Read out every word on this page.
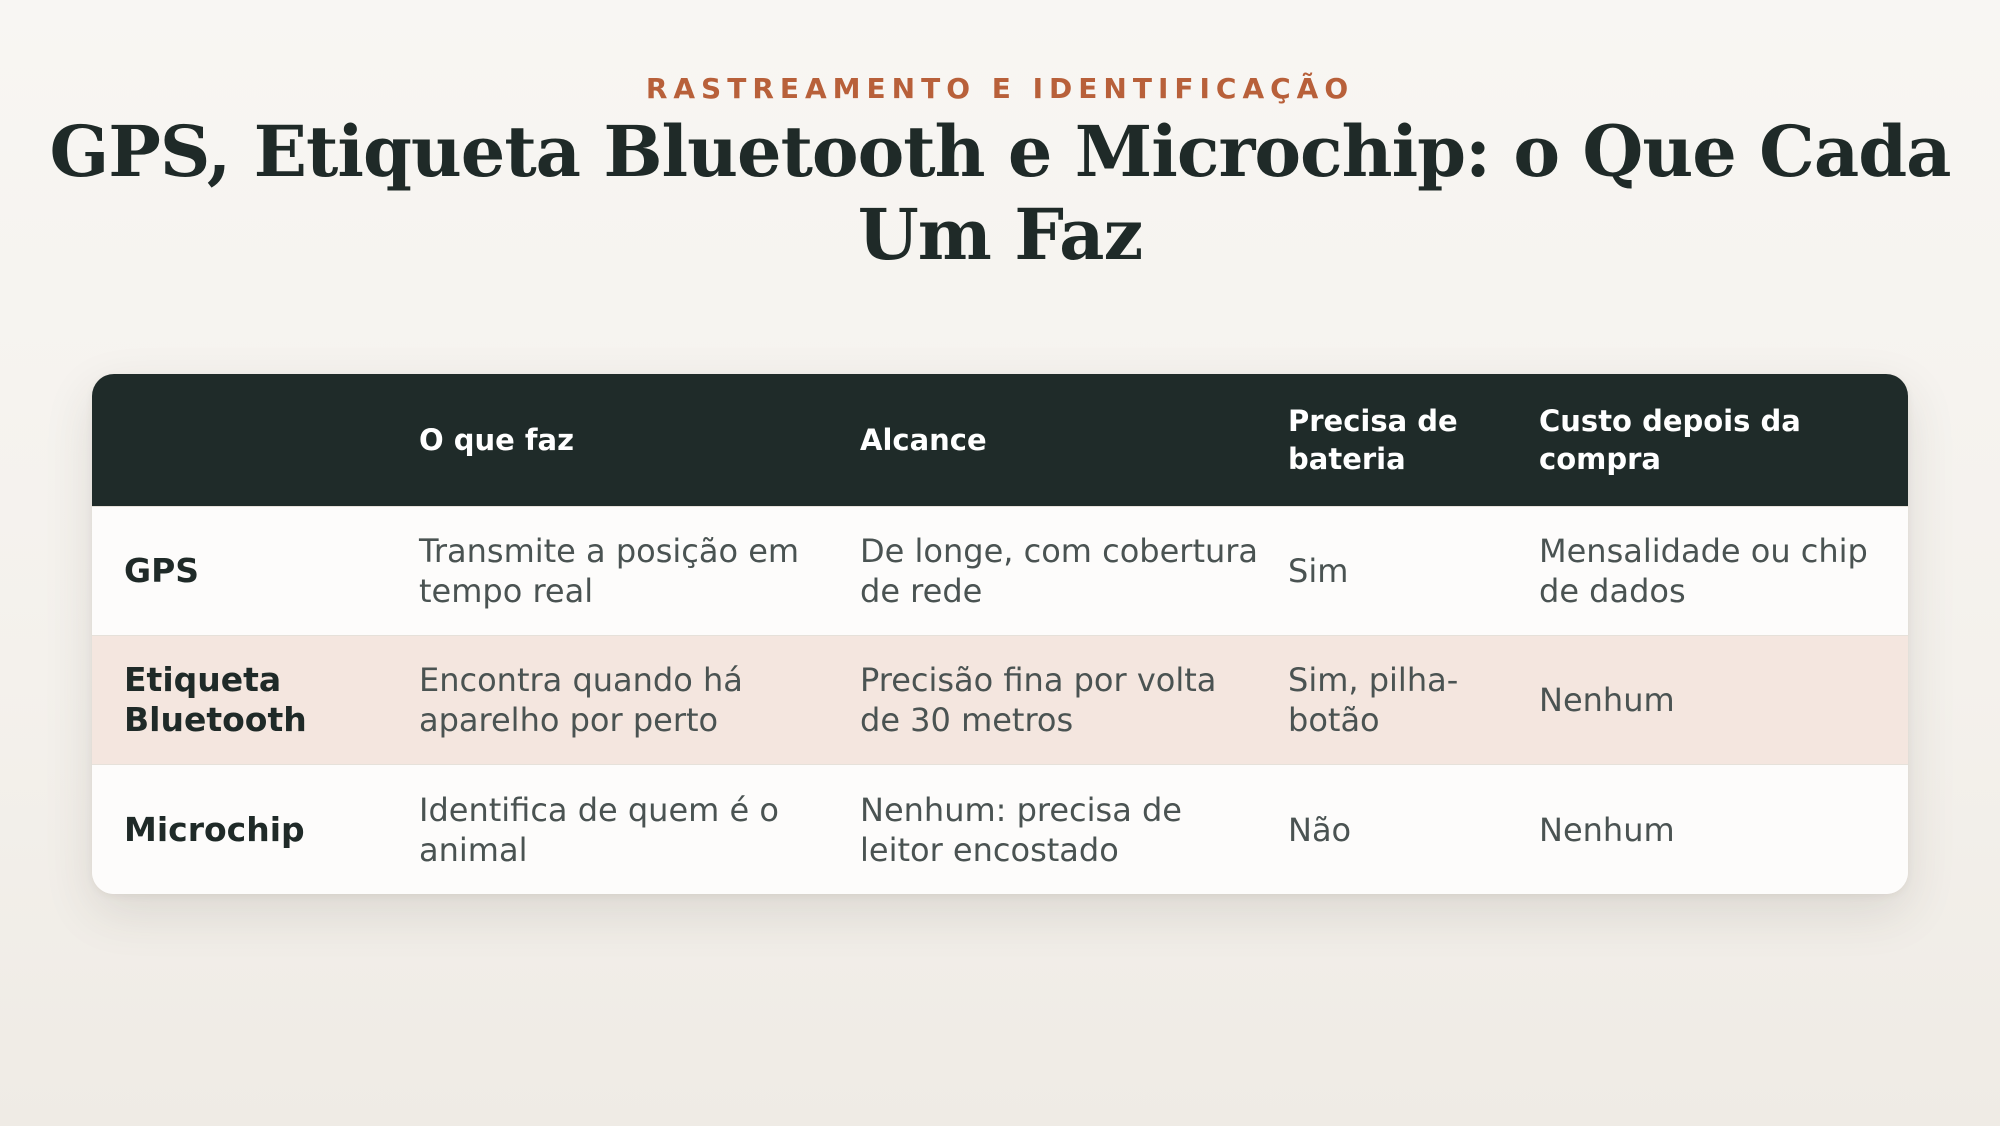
RASTREAMENTO E IDENTIFICAÇÃO
GPS, Etiqueta Bluetooth e Microchip: o Que Cada Um Faz
	O que faz	Alcance	Precisa de bateria	Custo depois da compra
GPS	Transmite a posição em tempo real	De longe, com cobertura de rede	Sim	Mensalidade ou chip de dados
Etiqueta Bluetooth	Encontra quando há aparelho por perto	Precisão fina por volta de 30 metros	Sim, pilha-botão	Nenhum
Microchip	Identifica de quem é o animal	Nenhum: precisa de leitor encostado	Não	Nenhum
